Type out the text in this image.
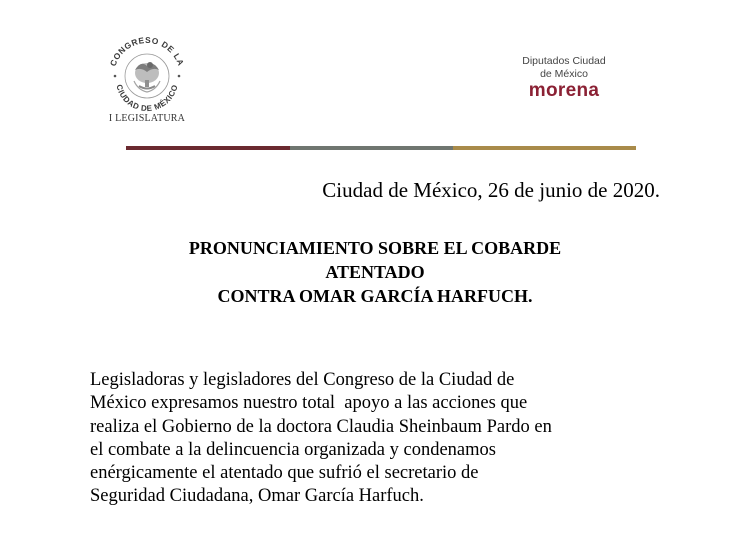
CONGRESO DE LA
CIUDAD DE MÉXICO
I LEGISLATURA
Diputados Ciudad
de México
morena
Ciudad de México, 26 de junio de 2020.
PRONUNCIAMIENTO SOBRE EL COBARDE
ATENTADO
CONTRA OMAR GARCÍA HARFUCH.
Legisladoras y legisladores del Congreso de la Ciudad de
México expresamos nuestro total  apoyo a las acciones que
realiza el Gobierno de la doctora Claudia Sheinbaum Pardo en
el combate a la delincuencia organizada y condenamos
enérgicamente el atentado que sufrió el secretario de
Seguridad Ciudadana, Omar García Harfuch.
